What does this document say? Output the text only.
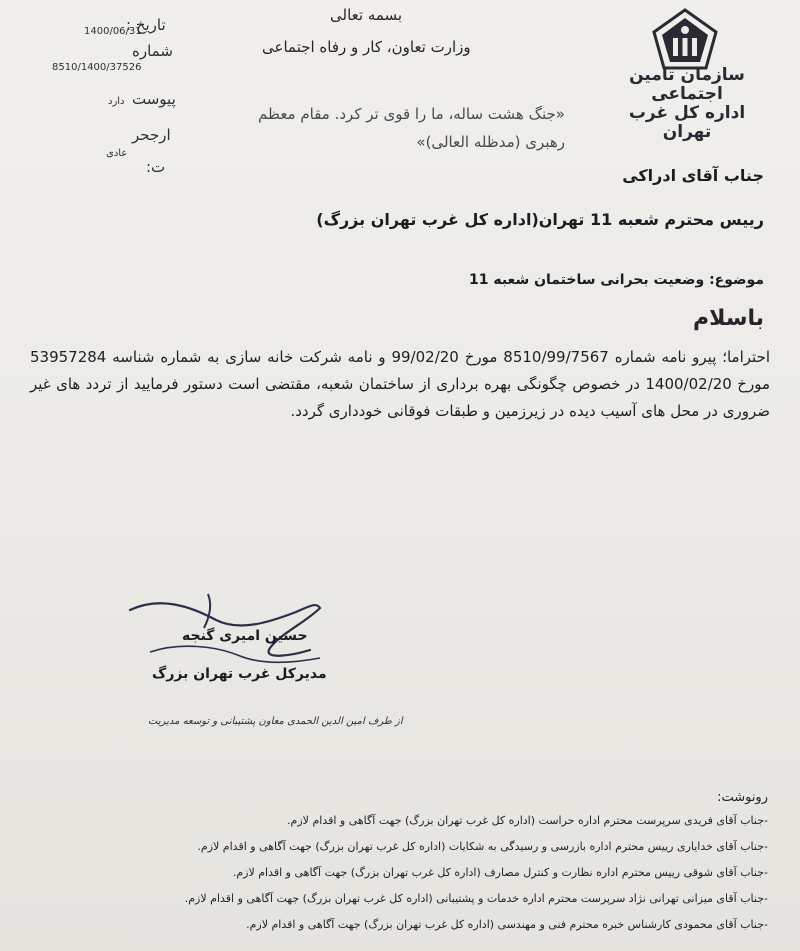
سازمان تامین
اجتماعی
اداره کل غرب
تهران
بسمه تعالی
وزارت تعاون، کار و رفاه اجتماعی
«جنگ هشت ساله، ما را قوی تر کرد. مقام معظم رهبری (مدظله العالی)»
تاریخ :
1400/06/31
شماره
8510/1400/37526
پیوست
دارد
ارجحر
عادی
ت:	جناب آقای ادراکی
رییس محترم شعبه 11 تهران(اداره کل غرب تهران بزرگ)
موضوع: وضعیت بحرانی ساختمان شعبه 11
باسلام
احتراما؛ پیرو نامه شماره 8510/99/7567 مورخ 99/02/20 و نامه شرکت خانه سازی به شماره شناسه 53957284 مورخ 1400/02/20 در خصوص چگونگی بهره برداری از ساختمان شعبه، مقتضی است دستور فرمایید از تردد های غیر ضروری در محل های آسیب دیده در زیرزمین و طبقات فوقانی خودداری گردد.
حسین امیری گنجه
مدیرکل غرب تهران بزرگ
از طرف امین الدین الحمدی معاون پشتیبانی و توسعه مدیریت
رونوشت:
-جناب آقای فریدی سرپرست محترم اداره حراست (اداره کل غرب تهران بزرگ) جهت آگاهی و اقدام لازم.
-جناب آقای خدایاری رییس محترم اداره بازرسی و رسیدگی به شکایات (اداره کل غرب تهران بزرگ) جهت آگاهی و اقدام لازم.
-جناب آقای شوقی رییس محترم اداره نظارت و کنترل مصارف (اداره کل غرب تهران بزرگ) جهت آگاهی و اقدام لازم.
-جناب آقای میزانی تهرانی نژاد سرپرست محترم اداره خدمات و پشتیبانی (اداره کل غرب تهران بزرگ) جهت آگاهی و اقدام لازم.
-جناب آقای محمودی کارشناس خبره محترم فنی و مهندسی (اداره کل غرب تهران بزرگ) جهت آگاهی و اقدام لازم.
